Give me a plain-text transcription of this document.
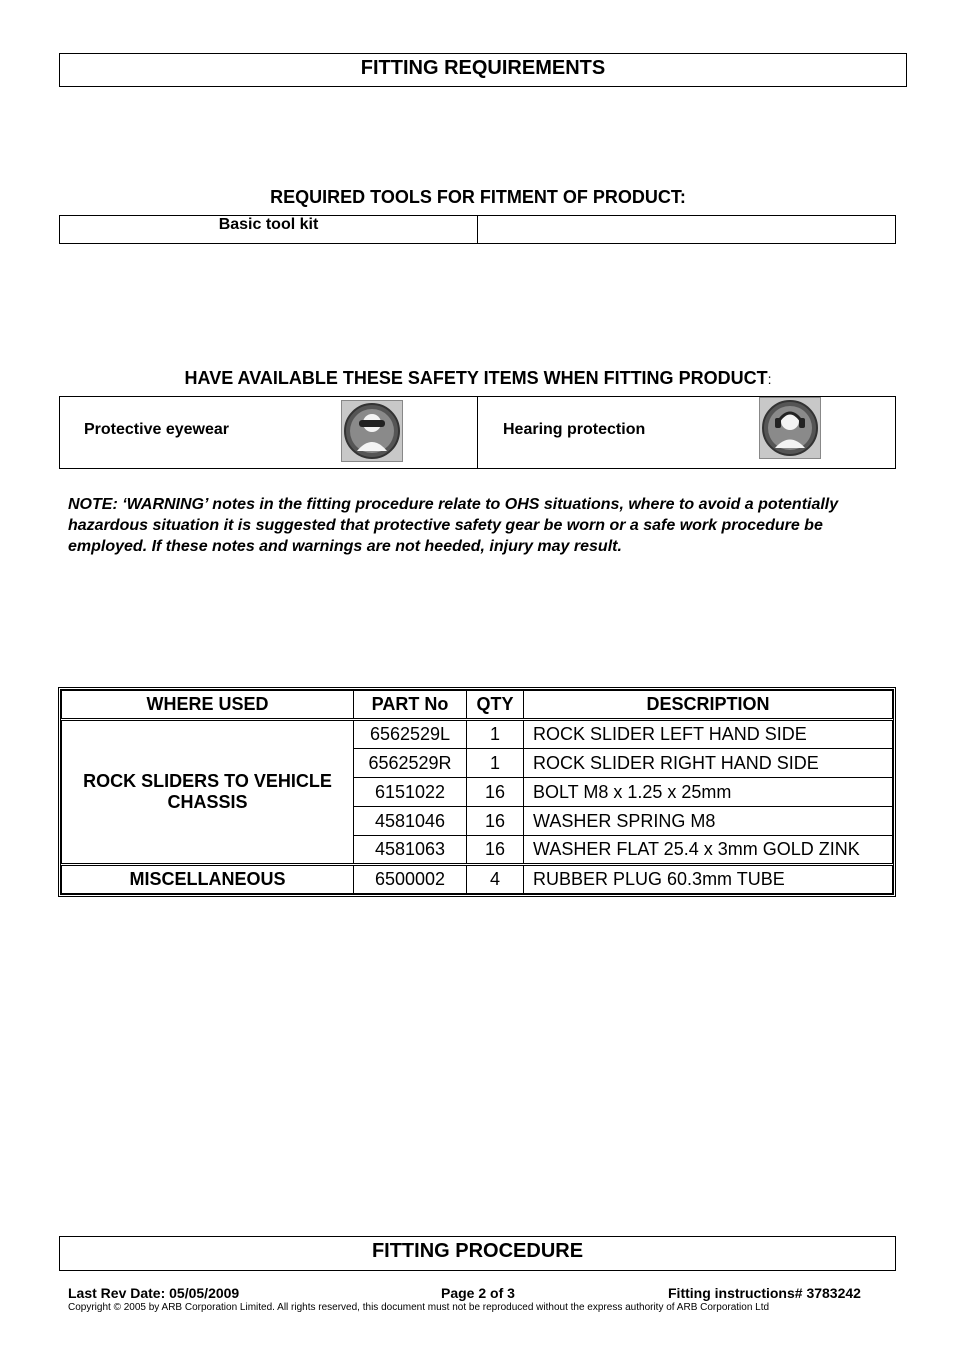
FITTING REQUIREMENTS
REQUIRED TOOLS FOR FITMENT OF PRODUCT:
Basic tool kit	
HAVE AVAILABLE THESE SAFETY ITEMS WHEN FITTING PRODUCT:
Protective eyewear	Hearing protection
NOTE: ‘WARNING’ notes in the fitting procedure relate to OHS situations, where to avoid a potentially hazardous situation it is suggested that protective safety gear be worn or a safe work procedure be employed. If these notes and warnings are not heeded, injury may result.
WHERE USED	PART No	QTY	DESCRIPTION
ROCK SLIDERS TO VEHICLE CHASSIS	6562529L	1	ROCK SLIDER LEFT HAND SIDE
	6562529R	1	ROCK SLIDER RIGHT HAND SIDE
	6151022	16	BOLT M8 x 1.25 x 25mm
	4581046	16	WASHER SPRING M8
	4581063	16	WASHER FLAT 25.4 x 3mm GOLD ZINK
MISCELLANEOUS	6500002	4	RUBBER PLUG 60.3mm TUBE
FITTING PROCEDURE
Last Rev Date: 05/05/2009	Page 2 of 3	Fitting instructions# 3783242
Copyright © 2005 by ARB Corporation Limited. All rights reserved, this document must not be reproduced without the express authority of ARB Corporation Ltd
